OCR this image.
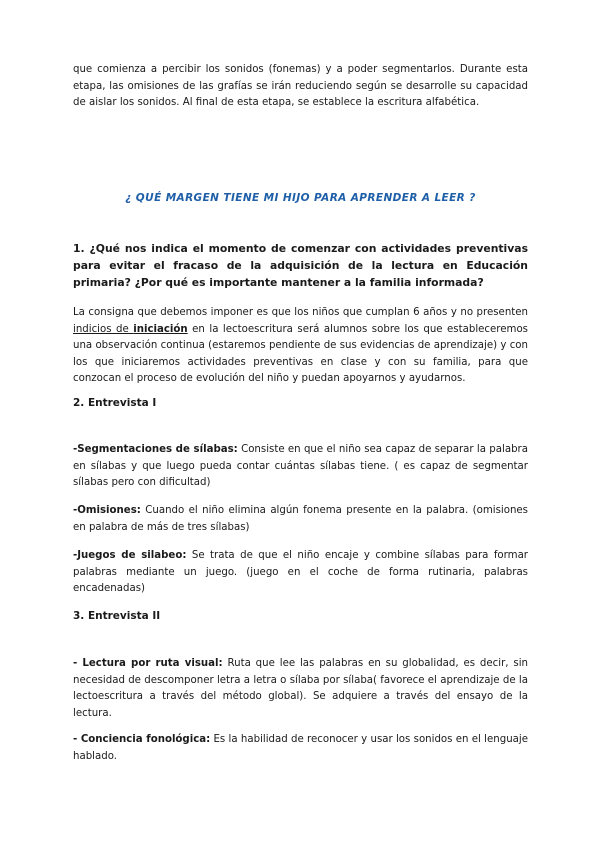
que comienza a percibir los sonidos (fonemas) y a poder segmentarlos. Durante esta etapa, las omisiones de las grafías se irán reduciendo según se desarrolle su capacidad de aislar los sonidos. Al final de esta etapa, se establece la escritura alfabética.

¿ QUÉ MARGEN TIENE MI HIJO PARA APRENDER A LEER ?

1. ¿Qué nos indica el momento de comenzar con actividades preventivas para evitar el fracaso de la adquisición de la lectura en Educación primaria? ¿Por qué es importante mantener a la familia informada?

La consigna que debemos imponer es que los niños que cumplan 6 años y no presenten indicios de iniciación en la lectoescritura será alumnos sobre los que estableceremos una observación continua (estaremos pendiente de sus evidencias de aprendizaje) y con los que iniciaremos actividades preventivas en clase y con su familia, para que conzocan el proceso de evolución del niño y puedan apoyarnos y ayudarnos.

2. Entrevista I

-Segmentaciones de sílabas: Consiste en que el niño sea capaz de separar la palabra en sílabas y que luego pueda contar cuántas sílabas tiene. ( es capaz de segmentar sílabas pero con dificultad)

-Omisiones: Cuando el niño elimina algún fonema presente en la palabra. (omisiones en palabra de más de tres sílabas)

-Juegos de silabeo: Se trata de que el niño encaje y combine sílabas para formar palabras mediante un juego. (juego en el coche de forma rutinaria, palabras encadenadas)

3. Entrevista II

- Lectura por ruta visual: Ruta que lee las palabras en su globalidad, es decir, sin necesidad de descomponer letra a letra o sílaba por sílaba( favorece el aprendizaje de la lectoescritura a través del método global). Se adquiere a través del ensayo de la lectura.

- Conciencia fonológica: Es la habilidad de reconocer y usar los sonidos en el lenguaje hablado.
